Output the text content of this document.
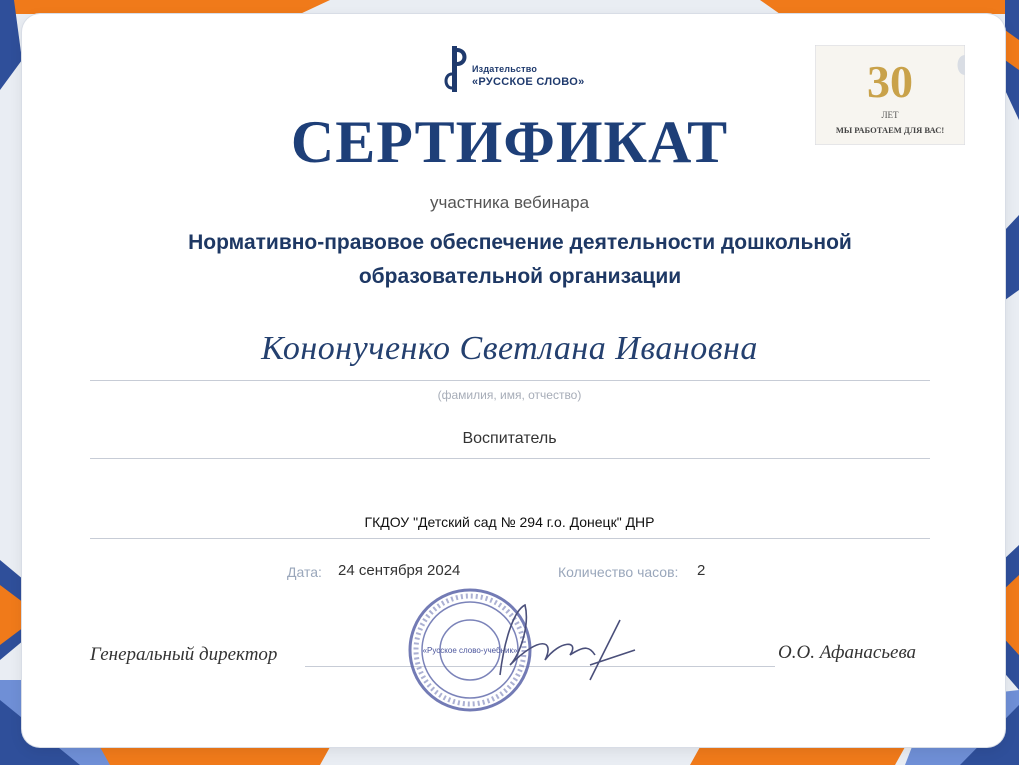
Издательство
«РУССКОЕ СЛОВО»	30
ЛЕТ
МЫ РАБОТАЕМ ДЛЯ ВАС!
СЕРТИФИКАТ
участника вебинара
Нормативно-правовое обеспечение деятельности дошкольной
образовательной организации
Кононученко Светлана Ивановна
(фамилия, имя, отчество)
Воспитатель
ГКДОУ "Детский сад № 294 г.о. Донецк" ДНР
Дата: 24 сентября 2024	Количество часов: 2
Генеральный директор	О.О. Афанасьева
«Русское слово-учебник»
